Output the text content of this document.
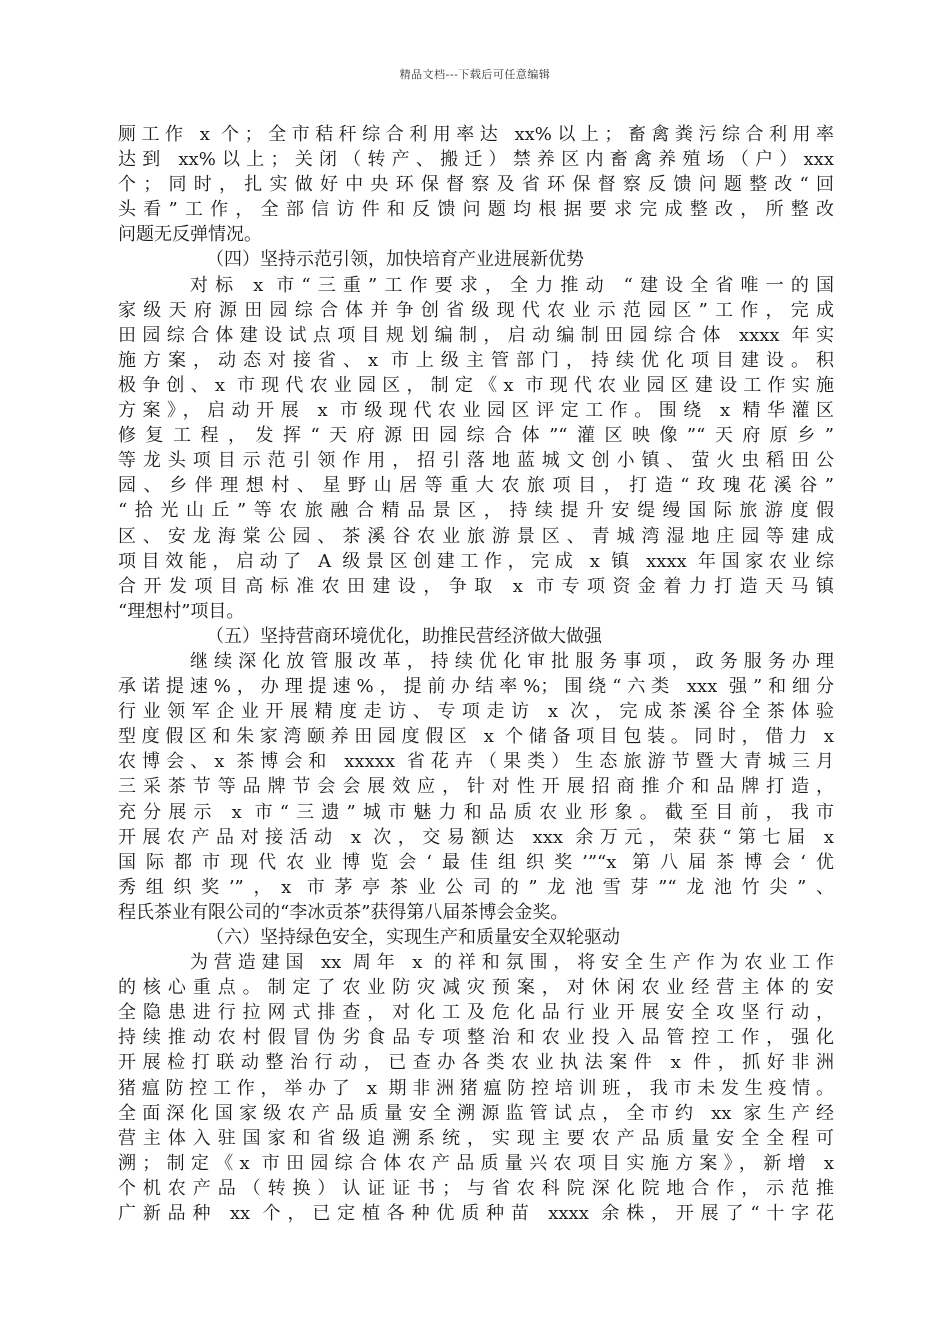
精品文档---下载后可任意编辑
厕工作 x 个；全市秸秆综合利用率达 xx%以上；畜禽粪污综合利用率
达到 xx%以上；关闭（转产、搬迁）禁养区内畜禽养殖场（户）xxx
个；同时，扎实做好中央环保督察及省环保督察反馈问题整改“回
头看”工作，全部信访件和反馈问题均根据要求完成整改，所整改
问题无反弹情况。
（四）坚持示范引领，加快培育产业进展新优势
对标 x 市“三重”工作要求，全力推动 “建设全省唯一的国
家级天府源田园综合体并争创省级现代农业示范园区”工作，完成
田园综合体建设试点项目规划编制，启动编制田园综合体 xxxx 年实
施方案，动态对接省、x 市上级主管部门，持续优化项目建设。积
极争创、x 市现代农业园区，制定《x 市现代农业园区建设工作实施
方案》，启动开展 x 市级现代农业园区评定工作。围绕 x 精华灌区
修复工程，发挥“天府源田园综合体”“灌区映像”“天府原乡”
等龙头项目示范引领作用，招引落地蓝城文创小镇、萤火虫稻田公
园、乡伴理想村、星野山居等重大农旅项目，打造“玫瑰花溪谷”
“拾光山丘”等农旅融合精品景区，持续提升安缇缦国际旅游度假
区、安龙海棠公园、茶溪谷农业旅游景区、青城湾湿地庄园等建成
项目效能，启动了 A 级景区创建工作，完成 x 镇 xxxx 年国家农业综
合开发项目高标准农田建设，争取 x 市专项资金着力打造天马镇
“理想村”项目。
（五）坚持营商环境优化，助推民营经济做大做强
继续深化放管服改革，持续优化审批服务事项，政务服务办理
承诺提速%，办理提速%，提前办结率%；围绕“六类 xxx 强”和细分
行业领军企业开展精度走访、专项走访 x 次，完成茶溪谷全茶体验
型度假区和朱家湾颐养田园度假区 x 个储备项目包装。同时，借力 x
农博会、x 茶博会和 xxxxx 省花卉（果类）生态旅游节暨大青城三月
三采茶节等品牌节会会展效应，针对性开展招商推介和品牌打造，
充分展示 x 市“三遗”城市魅力和品质农业形象。截至目前，我市
开展农产品对接活动 x 次，交易额达 xxx 余万元，荣获“第七届 x
国际都市现代农业博览会‘最佳组织奖’”“x 第八届茶博会‘优
秀组织奖’”，x 市茅亭茶业公司的”龙池雪芽”“龙池竹尖”、
程氏茶业有限公司的“李冰贡茶”获得第八届茶博会金奖。
（六）坚持绿色安全，实现生产和质量安全双轮驱动
为营造建国 xx 周年 x 的祥和氛围，将安全生产作为农业工作
的核心重点。制定了农业防灾减灾预案，对休闲农业经营主体的安
全隐患进行拉网式排查，对化工及危化品行业开展安全攻坚行动，
持续推动农村假冒伪劣食品专项整治和农业投入品管控工作，强化
开展检打联动整治行动，已查办各类农业执法案件 x 件，抓好非洲
猪瘟防控工作，举办了 x 期非洲猪瘟防控培训班，我市未发生疫情。
全面深化国家级农产品质量安全溯源监管试点，全市约 xx 家生产经
营主体入驻国家和省级追溯系统，实现主要农产品质量安全全程可
溯；制定《x 市田园综合体农产品质量兴农项目实施方案》，新增 x
个机农产品（转换）认证证书；与省农科院深化院地合作，示范推
广新品种 xx 个，已定植各种优质种苗 xxxx 余株，开展了“十字花
